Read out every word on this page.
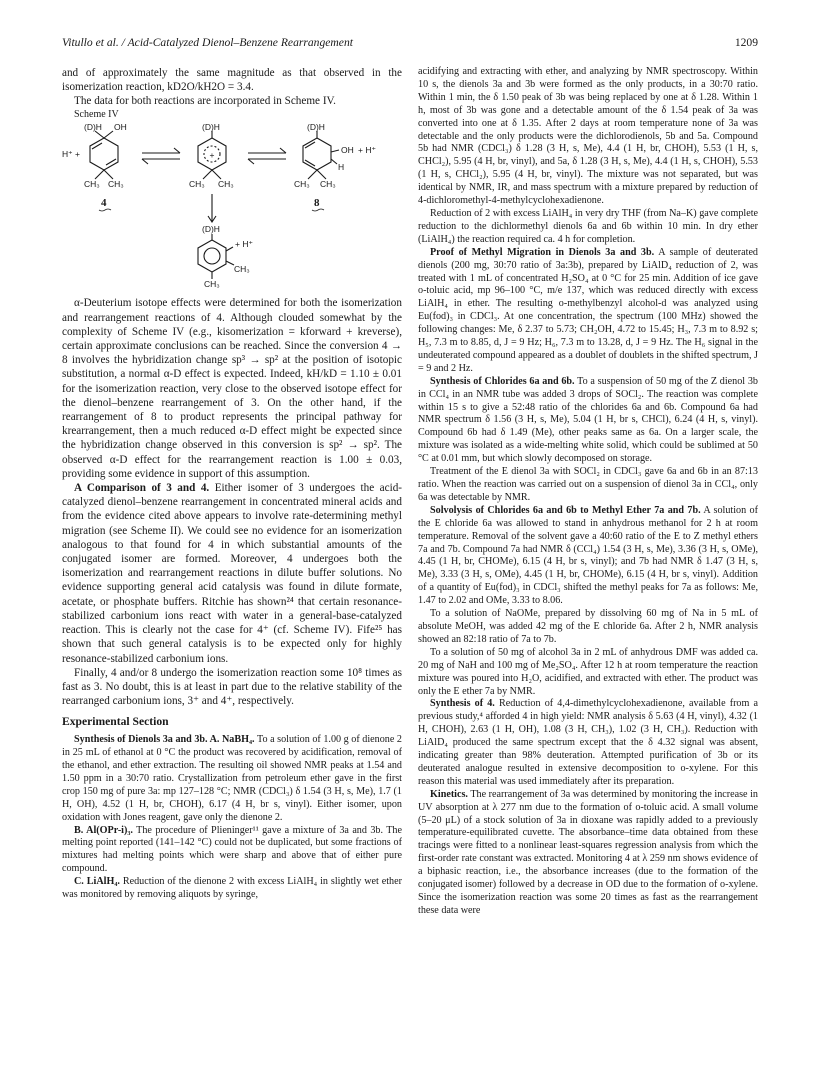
Vitullo et al. / Acid-Catalyzed Dienol–Benzene Rearrangement	1209

and of approximately the same magnitude as that observed in the isomerization reaction, kD2O/kH2O = 3.4.

The data for both reactions are incorporated in Scheme IV.

Scheme IV

+
(D)H OH
H⁺ +
CH₃ CH₃
4
(D)H
CH₃ CH₃
(D)H
OH
H
+ H⁺
CH₃ CH₃
8
(D)H
+ H⁺
CH₃
CH₃

α-Deuterium isotope effects were determined for both the isomerization and rearrangement reactions of 4. Although clouded somewhat by the complexity of Scheme IV (e.g., kisomerization = kforward + kreverse), certain approximate conclusions can be reached. Since the conversion 4 → 8 involves the hybridization change sp³ → sp² at the position of isotopic substitution, a normal α-D effect is expected. Indeed, kH/kD = 1.10 ± 0.01 for the isomerization reaction, very close to the observed isotope effect for the dienol–benzene rearrangement of 3. On the other hand, if the rearrangement of 8 to product represents the principal pathway for krearrangement, then a much reduced α-D effect might be expected since the hybridization change observed in this conversion is sp² → sp². The observed α-D effect for the rearrangement reaction is 1.00 ± 0.03, providing some evidence in support of this assumption.

A Comparison of 3 and 4. Either isomer of 3 undergoes the acid-catalyzed dienol–benzene rearrangement in concentrated mineral acids and from the evidence cited above appears to involve rate-determining methyl migration (see Scheme II). We could see no evidence for an isomerization analogous to that found for 4 in which substantial amounts of the conjugated isomer are formed. Moreover, 4 undergoes both the isomerization and rearrangement reactions in dilute buffer solutions. No evidence supporting general acid catalysis was found in dilute formate, acetate, or phosphate buffers. Ritchie has shown²⁴ that certain resonance-stabilized carbonium ions react with water in a general-base-catalyzed reaction. This is clearly not the case for 4⁺ (cf. Scheme IV). Fife²⁵ has shown that such general catalysis is to be expected only for highly resonance-stabilized carbonium ions.

Finally, 4 and/or 8 undergo the isomerization reaction some 10⁸ times as fast as 3. No doubt, this is at least in part due to the relative stability of the rearranged carbonium ions, 3⁺ and 4⁺, respectively.

Experimental Section

Synthesis of Dienols 3a and 3b. A. NaBH₄. To a solution of 1.00 g of dienone 2 in 25 mL of ethanol at 0 °C the product was recovered by acidification, removal of the ethanol, and ether extraction. The resulting oil showed NMR peaks at 1.54 and 1.50 ppm in a 30:70 ratio. Crystallization from petroleum ether gave in the first crop 150 mg of pure 3a: mp 127–128 °C; NMR (CDCl₃) δ 1.54 (3 H, s, Me), 1.7 (1 H, OH), 4.52 (1 H, br, CHOH), 6.17 (4 H, br s, vinyl). Either isomer, upon oxidation with Jones reagent, gave only the dienone 2.

B. Al(OPr-i)₃. The procedure of Plieninger¹¹ gave a mixture of 3a and 3b. The melting point reported (141–142 °C) could not be duplicated, but some fractions of mixtures had melting points which were sharp and above that of either pure compound.

C. LiAlH₄. Reduction of the dienone 2 with excess LiAlH₄ in slightly wet ether was monitored by removing aliquots by syringe,

acidifying and extracting with ether, and analyzing by NMR spectroscopy. Within 10 s, the dienols 3a and 3b were formed as the only products, in a 30:70 ratio. Within 1 min, the δ 1.50 peak of 3b was being replaced by one at δ 1.28. Within 1 h, most of 3b was gone and a detectable amount of the δ 1.54 peak of 3a was converted into one at δ 1.35. After 2 days at room temperature none of 3a was detectable and the only products were the dichlorodienols, 5b and 5a. Compound 5b had NMR (CDCl₃) δ 1.28 (3 H, s, Me), 4.4 (1 H, br, CHOH), 5.53 (1 H, s, CHCl₂), 5.95 (4 H, br, vinyl), and 5a, δ 1.28 (3 H, s, Me), 4.4 (1 H, s, CHOH), 5.53 (1 H, s, CHCl₂), 5.95 (4 H, br, vinyl). The mixture was not separated, but was identical by NMR, IR, and mass spectrum with a mixture prepared by reduction of 4-dichloromethyl-4-methylcyclohexadienone.

Reduction of 2 with excess LiAlH₄ in very dry THF (from Na–K) gave complete reduction to the dichlormethyl dienols 6a and 6b within 10 min. In dry ether (LiAlH₄) the reaction required ca. 4 h for completion.

Proof of Methyl Migration in Dienols 3a and 3b. A sample of deuterated dienols (200 mg, 30:70 ratio of 3a:3b), prepared by LiAlD₄ reduction of 2, was treated with 1 mL of concentrated H₂SO₄ at 0 °C for 25 min. Addition of ice gave o-toluic acid, mp 96–100 °C, m/e 137, which was reduced directly with excess LiAlH₄ in ether. The resulting o-methylbenzyl alcohol-d was analyzed using Eu(fod)₃ in CDCl₃. At one concentration, the spectrum (100 MHz) showed the following changes: Me, δ 2.37 to 5.73; CH₂OH, 4.72 to 15.45; H₃, 7.3 m to 8.92 s; H₅, 7.3 m to 8.85, d, J = 9 Hz; H₆, 7.3 m to 13.28, d, J = 9 Hz. The H₆ signal in the undeuterated compound appeared as a doublet of doublets in the shifted spectrum, J = 9 and 2 Hz.

Synthesis of Chlorides 6a and 6b. To a suspension of 50 mg of the Z dienol 3b in CCl₄ in an NMR tube was added 3 drops of SOCl₂. The reaction was complete within 15 s to give a 52:48 ratio of the chlorides 6a and 6b. Compound 6a had NMR spectrum δ 1.56 (3 H, s, Me), 5.04 (1 H, br s, CHCl), 6.24 (4 H, s, vinyl). Compound 6b had δ 1.49 (Me), other peaks same as 6a. On a larger scale, the mixture was isolated as a wide-melting white solid, which could be sublimed at 50 °C at 0.01 mm, but which slowly decomposed on storage.

Treatment of the E dienol 3a with SOCl₂ in CDCl₃ gave 6a and 6b in an 87:13 ratio. When the reaction was carried out on a suspension of dienol 3a in CCl₄, only 6a was detectable by NMR.

Solvolysis of Chlorides 6a and 6b to Methyl Ether 7a and 7b. A solution of the E chloride 6a was allowed to stand in anhydrous methanol for 2 h at room temperature. Removal of the solvent gave a 40:60 ratio of the E to Z methyl ethers 7a and 7b. Compound 7a had NMR δ (CCl₄) 1.54 (3 H, s, Me), 3.36 (3 H, s, OMe), 4.45 (1 H, br, CHOMe), 6.15 (4 H, br s, vinyl); and 7b had NMR δ 1.47 (3 H, s, Me), 3.33 (3 H, s, OMe), 4.45 (1 H, br, CHOMe), 6.15 (4 H, br s, vinyl). Addition of a quantity of Eu(fod)₃ in CDCl₃ shifted the methyl peaks for 7a as follows: Me, 1.47 to 2.02 and OMe, 3.33 to 8.06.

To a solution of NaOMe, prepared by dissolving 60 mg of Na in 5 mL of absolute MeOH, was added 42 mg of the E chloride 6a. After 2 h, NMR analysis showed an 82:18 ratio of 7a to 7b.

To a solution of 50 mg of alcohol 3a in 2 mL of anhydrous DMF was added ca. 20 mg of NaH and 100 mg of Me₂SO₄. After 12 h at room temperature the reaction mixture was poured into H₂O, acidified, and extracted with ether. The product was only the E ether 7a by NMR.

Synthesis of 4. Reduction of 4,4-dimethylcyclohexadienone, available from a previous study,⁴ afforded 4 in high yield: NMR analysis δ 5.63 (4 H, vinyl), 4.32 (1 H, CHOH), 2.63 (1 H, OH), 1.08 (3 H, CH₃), 1.02 (3 H, CH₃). Reduction with LiAlD₄ produced the same spectrum except that the δ 4.32 signal was absent, indicating greater than 98% deuteration. Attempted purification of 3b or its deuterated analogue resulted in extensive decomposition to o-xylene. For this reason this material was used immediately after its preparation.

Kinetics. The rearrangement of 3a was determined by monitoring the increase in UV absorption at λ 277 nm due to the formation of o-toluic acid. A small volume (5–20 μL) of a stock solution of 3a in dioxane was rapidly added to a previously temperature-equilibrated cuvette. The absorbance–time data obtained from these tracings were fitted to a nonlinear least-squares regression analysis from which the first-order rate constant was extracted. Monitoring 4 at λ 259 nm shows evidence of a biphasic reaction, i.e., the absorbance increases (due to the formation of the conjugated isomer) followed by a decrease in OD due to the formation of o-xylene. Since the isomerization reaction was some 20 times as fast as the rearrangement these data were
